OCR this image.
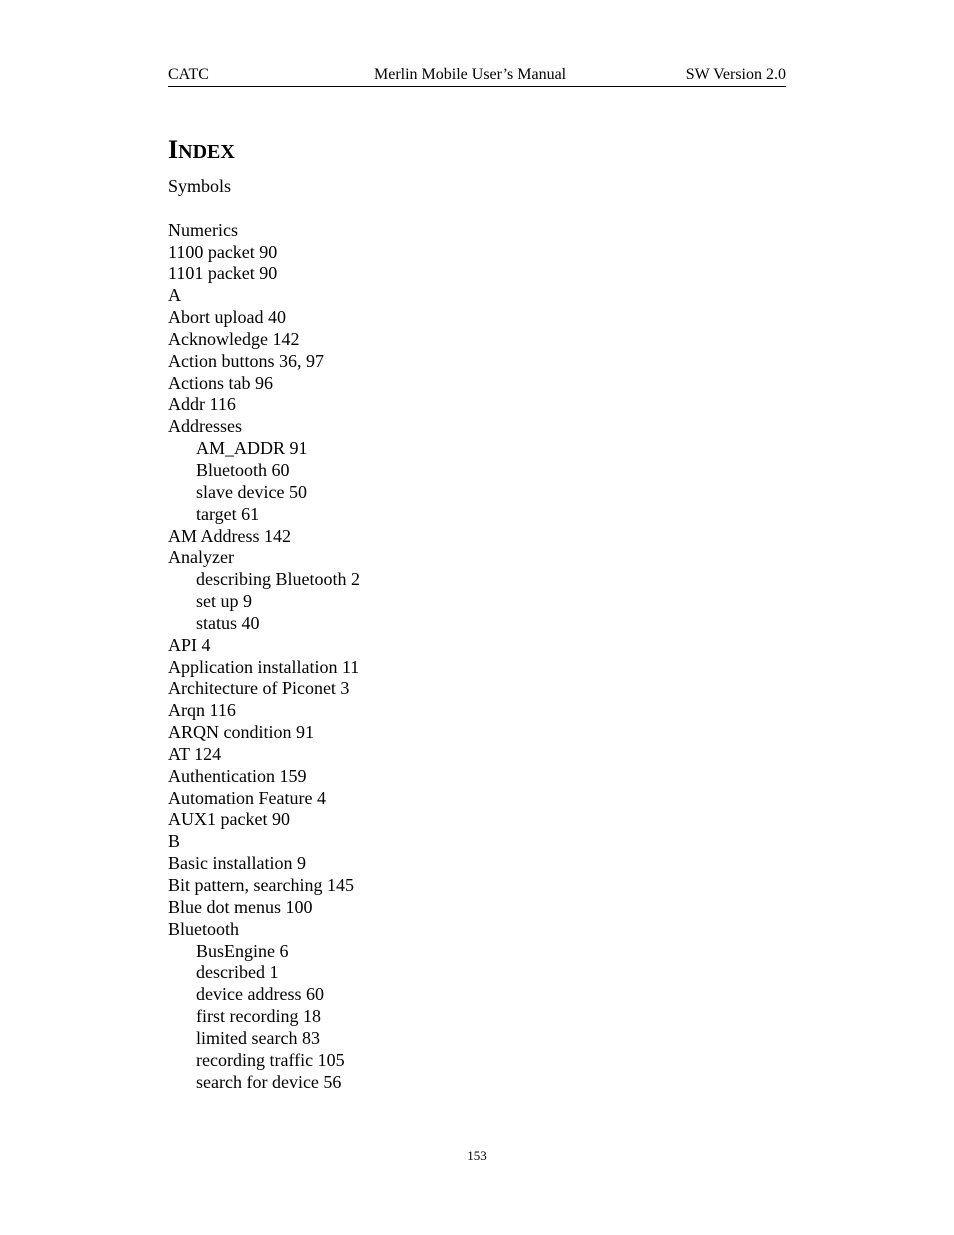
CATC	Merlin Mobile User’s Manual	SW Version 2.0
INDEX
Symbols
Numerics
1100 packet 90
1101 packet 90
A
Abort upload 40
Acknowledge 142
Action buttons 36, 97
Actions tab 96
Addr 116
Addresses
AM_ADDR 91
Bluetooth 60
slave device 50
target 61
AM Address 142
Analyzer
describing Bluetooth 2
set up 9
status 40
API 4
Application installation 11
Architecture of Piconet 3
Arqn 116
ARQN condition 91
AT 124
Authentication 159
Automation Feature 4
AUX1 packet 90
B
Basic installation 9
Bit pattern, searching 145
Blue dot menus 100
Bluetooth
BusEngine 6
described 1
device address 60
first recording 18
limited search 83
recording traffic 105
search for device 56
153
